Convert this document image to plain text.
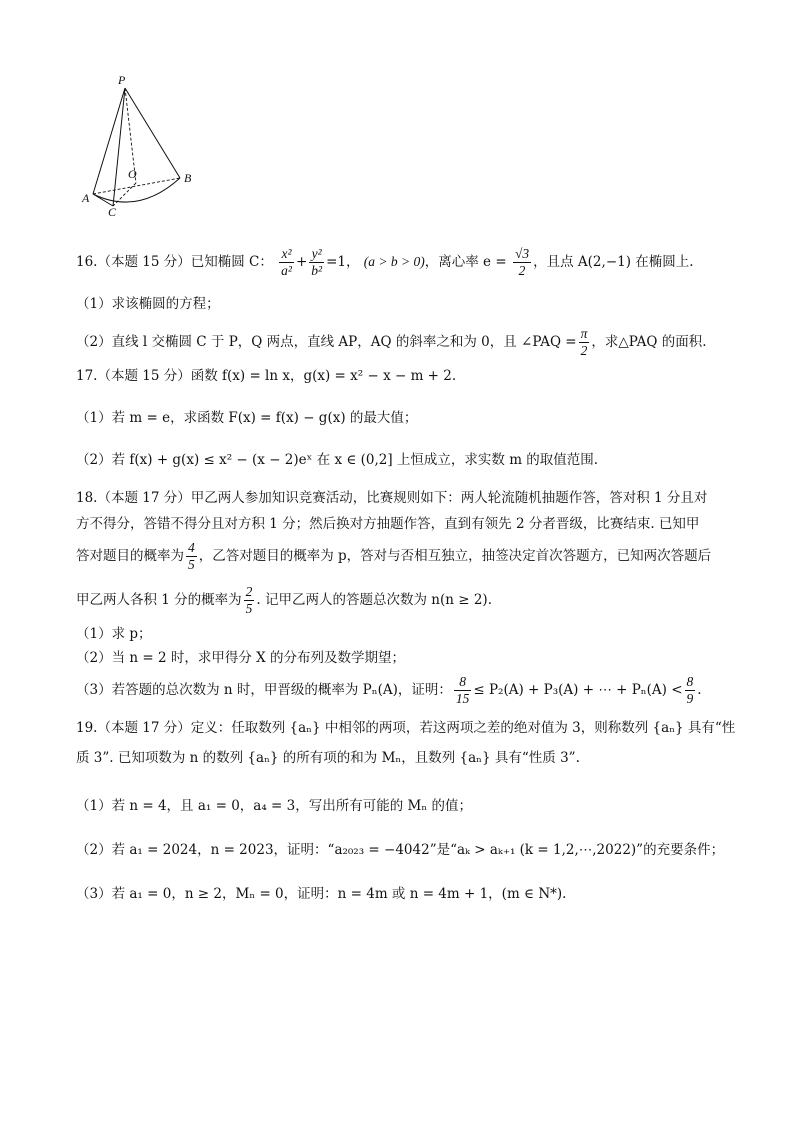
P
O
A
B
C
16.（本题 15 分）已知椭圆 C： $\frac{\text{x²}}{\text{a²}} + \frac{\text{y²}}{\text{b²}} =1$， (a > b > 0)，离心率 $e = \frac{√3}{2}$ ，且点 A(2,−1) 在椭圆上.
（1）求该椭圆的方程；
（2）直线 l 交椭圆 C 于 P，Q 两点，直线 AP，AQ 的斜率之和为 0，且 ∠PAQ = $\frac{\pi}{2}$ ，求△PAQ 的面积.
17.（本题 15 分）函数 f(x) = ln x，g(x) = x² − x − m + 2.
（1）若 m = e，求函数 F(x) = f(x) − g(x) 的最大值；
（2）若 f(x) + g(x) ≤ x² − (x − 2)eˣ 在 x ∈ (0,2] 上恒成立，求实数 m 的取值范围.
18.（本题 17 分）甲乙两人参加知识竞赛活动，比赛规则如下：两人轮流随机抽题作答，答对积 1 分且对
方不得分，答错不得分且对方积 1 分；然后换对方抽题作答，直到有领先 2 分者晋级，比赛结束. 已知甲
答对题目的概率为 $\frac{4}{5}$ ，乙答对题目的概率为 p，答对与否相互独立，抽签决定首次答题方，已知两次答题后
甲乙两人各积 1 分的概率为 $\frac{2}{5}$ . 记甲乙两人的答题总次数为 n(n ≥ 2).
（1）求 p；
（2）当 n = 2 时，求甲得分 X 的分布列及数学期望；
（3）若答题的总次数为 n 时，甲晋级的概率为 Pₙ(A)，证明： $\frac{8}{15} \le P_2(A) + P_3(A)$ + ⋯ + $P_n(A) < \frac{8}{9}$ .
19.（本题 17 分）定义：任取数列 {aₙ} 中相邻的两项，若这两项之差的绝对值为 3，则称数列 {aₙ} 具有“性
质 3”. 已知项数为 n 的数列 {aₙ} 的所有项的和为 Mₙ，且数列 {aₙ} 具有“性质 3”.
（1）若 n = 4，且 a₁ = 0，a₄ = 3，写出所有可能的 Mₙ 的值；
（2）若 a₁ = 2024，n = 2023，证明：“a₂₀₂₃ = −4042”是“aₖ > aₖ₊₁ (k = 1,2,⋯,2022)”的充要条件；
（3）若 a₁ = 0，n ≥ 2，Mₙ = 0，证明：n = 4m 或 n = 4m + 1，(m ∈ N*).
